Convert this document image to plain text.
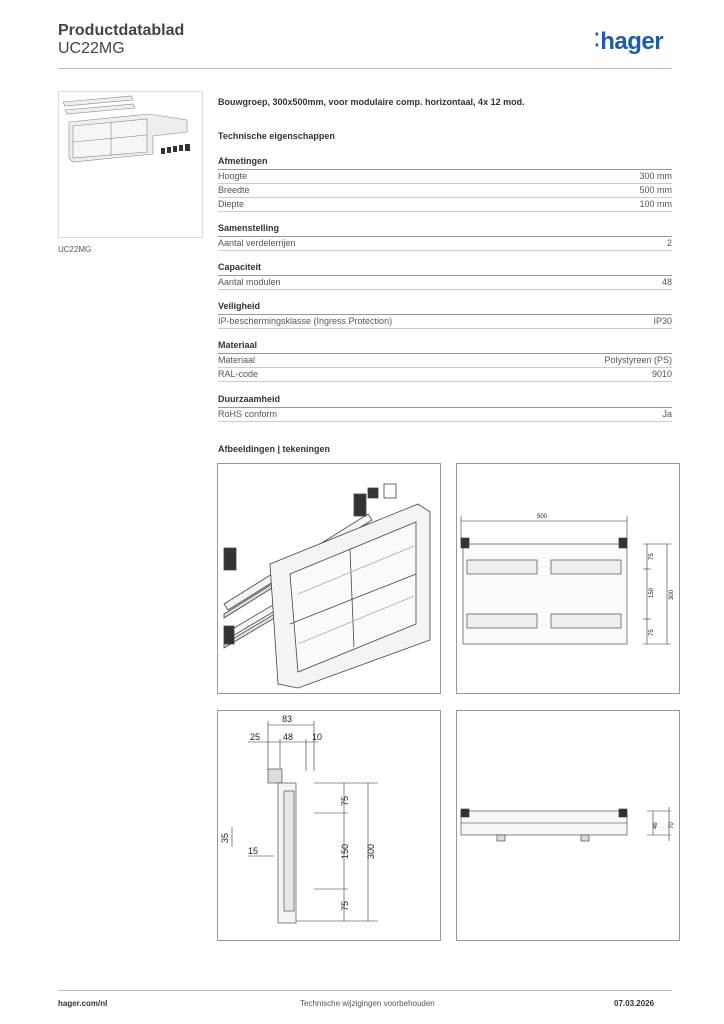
Productdatablad
UC22MG	⁚hager
UC22MG
Bouwgroep, 300x500mm, voor modulaire comp. horizontaal, 4x 12 mod.
Technische eigenschappen
Afmetingen
Hoogte	300 mm
Breedte	500 mm
Diepte	100 mm
Samenstelling
Aantal verdelerrijen	2
Capaciteit
Aantal modulen	48
Veiligheid
IP-beschermingsklasse (Ingress Protection)	IP30
Materiaal
Materiaal	Polystyreen (PS)
RAL-code	9010
Duurzaamheid
RoHS conform	Ja
Afbeeldingen | tekeningen
500
75
150
75
300
83
25	48 10
75
150
75
300
35
15
46 70
hager.com/nl	Technische wijzigingen voorbehouden	07.03.2026
